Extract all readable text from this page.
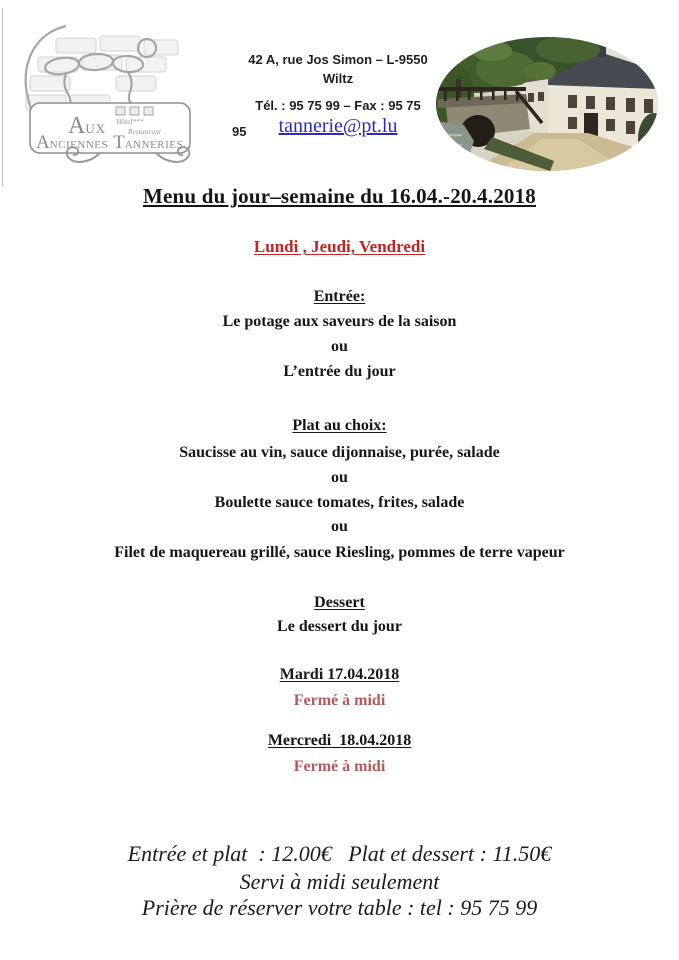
AUX Hôtel***
Restaurant
ANCIENNES TANNERIES
42 A, rue Jos Simon – L-9550
Wiltz
Tél. : 95 75 99 – Fax : 95 75
95 tannerie@pt.lu
Menu du jour–semaine du 16.04.-20.4.2018
Lundi , Jeudi, Vendredi
Entrée:
Le potage aux saveurs de la saison
ou
L’entrée du jour
Plat au choix:
Saucisse au vin, sauce dijonnaise, purée, salade
ou
Boulette sauce tomates, frites, salade
ou
Filet de maquereau grillé, sauce Riesling, pommes de terre vapeur
Dessert
Le dessert du jour
Mardi 17.04.2018
Fermé à midi
Mercredi  18.04.2018
Fermé à midi
Entrée et plat  : 12.00€   Plat et dessert : 11.50€
Servi à midi seulement
Prière de réserver votre table : tel : 95 75 99
